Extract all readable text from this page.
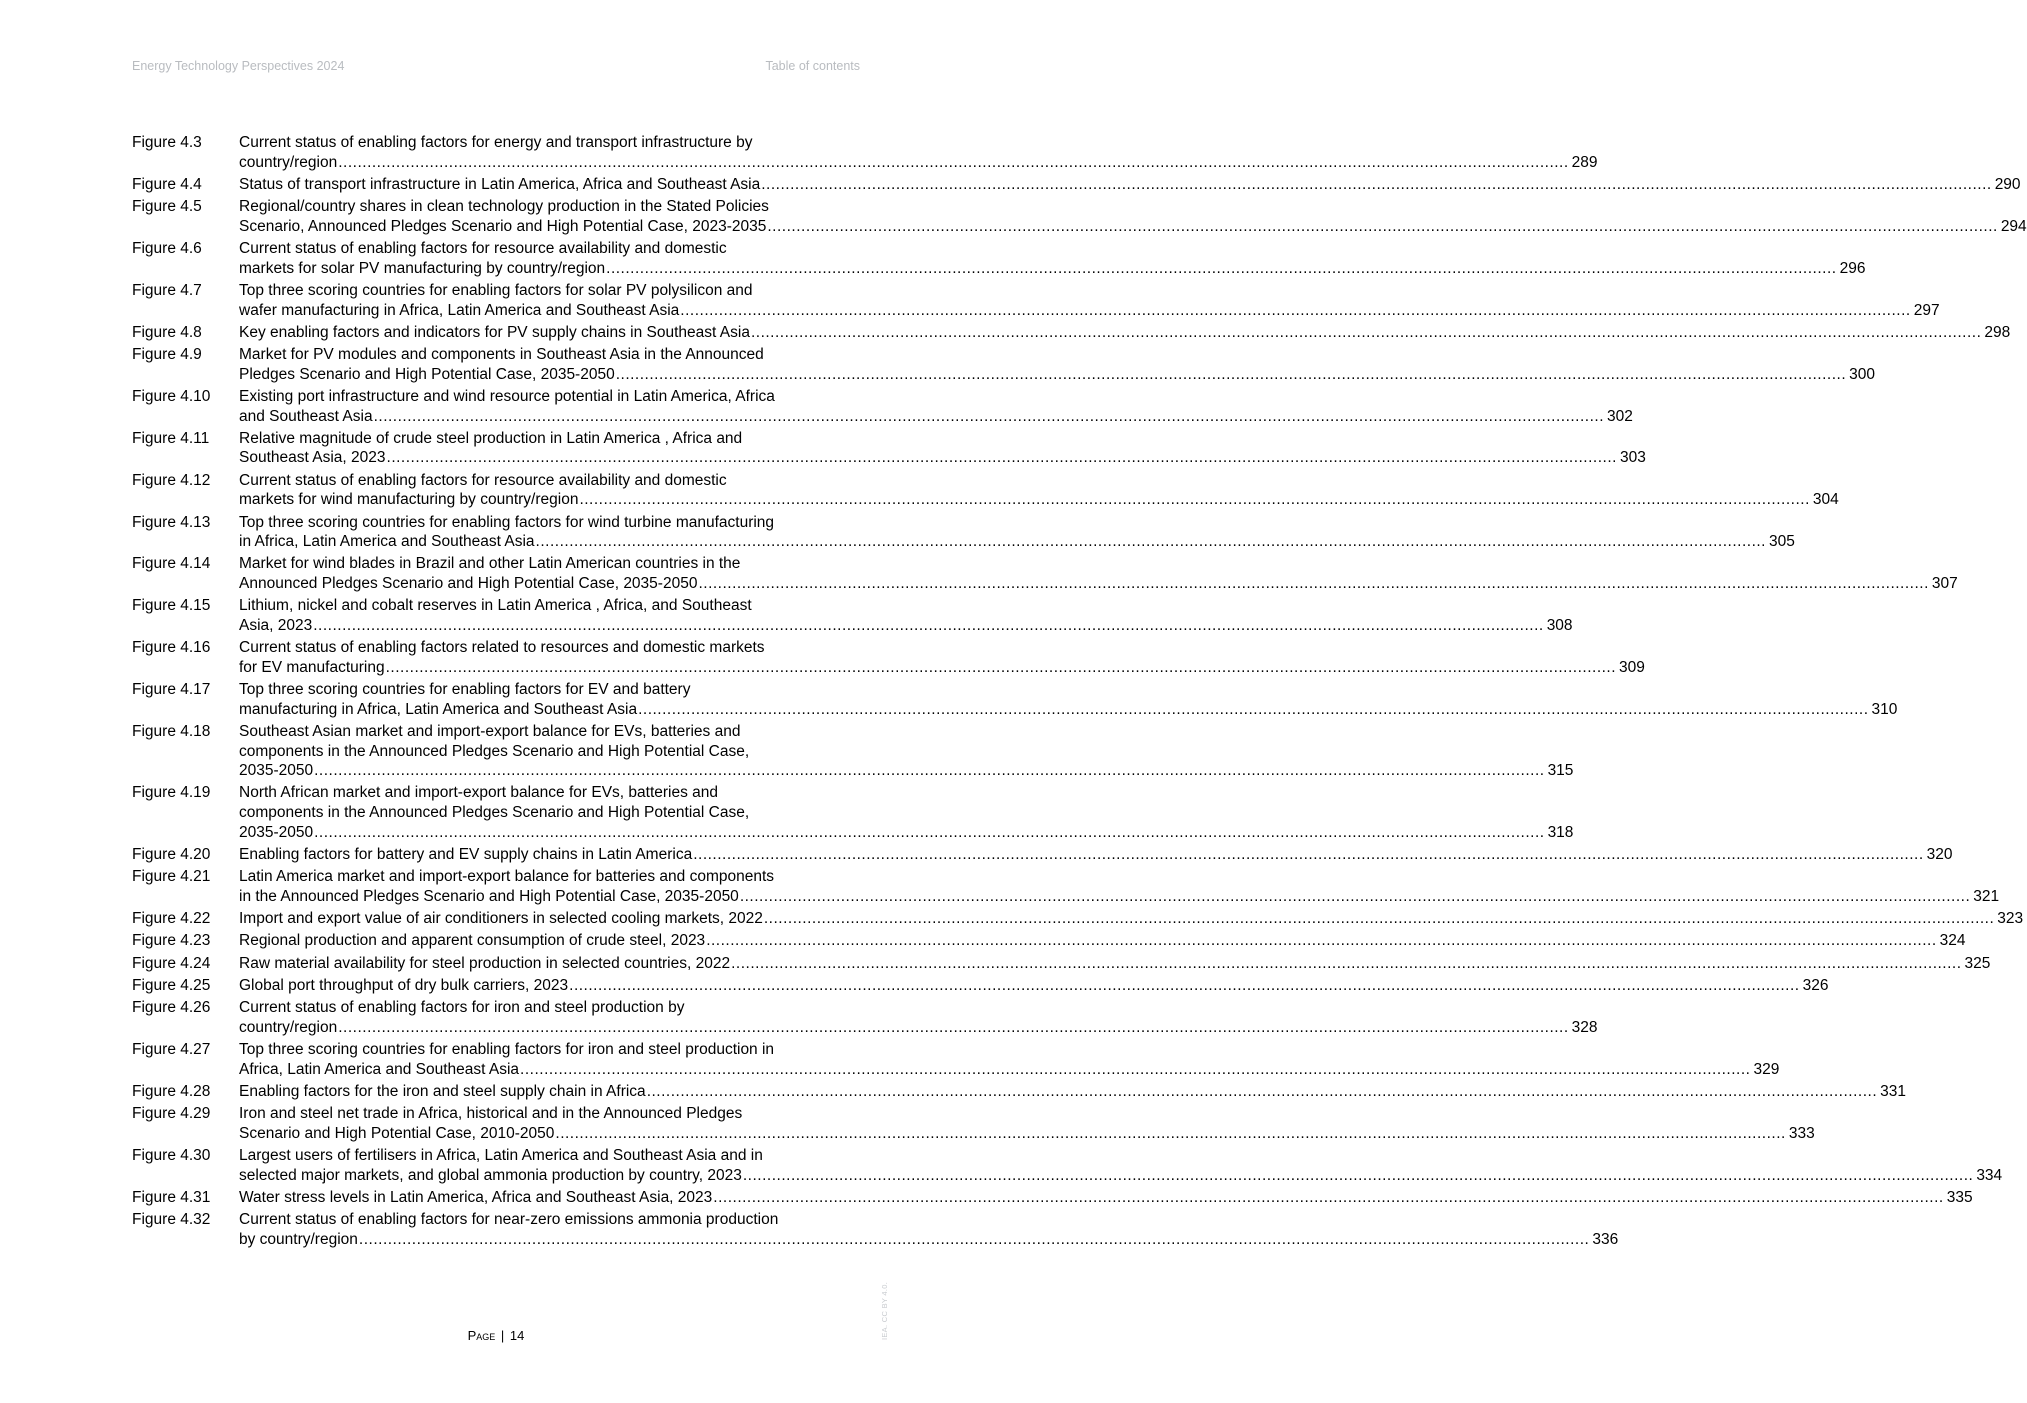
Energy Technology Perspectives 2024	Table of contents
Figure 4.3	Current status of enabling factors for energy and transport infrastructure by
country/region .....	289
Figure 4.4	Status of transport infrastructure in Latin America, Africa and Southeast Asia .....	290
Figure 4.5	Regional/country shares in clean technology production in the Stated Policies
Scenario, Announced Pledges Scenario and High Potential Case, 2023-2035 .....	294
Figure 4.6	Current status of enabling factors for resource availability and domestic
markets for solar PV manufacturing by country/region .....	296
Figure 4.7	Top three scoring countries for enabling factors for solar PV polysilicon and
wafer manufacturing in Africa, Latin America and Southeast Asia .....	297
Figure 4.8	Key enabling factors and indicators for PV supply chains in Southeast Asia .....	298
Figure 4.9	Market for PV modules and components in Southeast Asia in the Announced
Pledges Scenario and High Potential Case, 2035-2050 .....	300
Figure 4.10	Existing port infrastructure and wind resource potential in Latin America, Africa
and Southeast Asia .....	302
Figure 4.11	Relative magnitude of crude steel production in Latin America , Africa and
Southeast Asia, 2023 .....	303
Figure 4.12	Current status of enabling factors for resource availability and domestic
markets for wind manufacturing by country/region .....	304
Figure 4.13	Top three scoring countries for enabling factors for wind turbine manufacturing
in Africa, Latin America and Southeast Asia .....	305
Figure 4.14	Market for wind blades in Brazil and other Latin American countries in the
Announced Pledges Scenario and High Potential Case, 2035-2050 .....	307
Figure 4.15	Lithium, nickel and cobalt reserves in Latin America , Africa, and Southeast
Asia, 2023 .....	308
Figure 4.16	Current status of enabling factors related to resources and domestic markets
for EV manufacturing .....	309
Figure 4.17	Top three scoring countries for enabling factors for EV and battery
manufacturing in Africa, Latin America and Southeast Asia .....	310
Figure 4.18	Southeast Asian market and import-export balance for EVs, batteries and
components in the Announced Pledges Scenario and High Potential Case,
2035-2050 .....	315
Figure 4.19	North African market and import-export balance for EVs, batteries and
components in the Announced Pledges Scenario and High Potential Case,
2035-2050 .....	318
Figure 4.20	Enabling factors for battery and EV supply chains in Latin America .....	320
Figure 4.21	Latin America market and import-export balance for batteries and components
in the Announced Pledges Scenario and High Potential Case, 2035-2050 .....	321
Figure 4.22	Import and export value of air conditioners in selected cooling markets, 2022 .....	323
Figure 4.23	Regional production and apparent consumption of crude steel, 2023 .....	324
Figure 4.24	Raw material availability for steel production in selected countries, 2022 .....	325
Figure 4.25	Global port throughput of dry bulk carriers, 2023 .....	326
Figure 4.26	Current status of enabling factors for iron and steel production by
country/region .....	328
Figure 4.27	Top three scoring countries for enabling factors for iron and steel production in
Africa, Latin America and Southeast Asia .....	329
Figure 4.28	Enabling factors for the iron and steel supply chain in Africa .....	331
Figure 4.29	Iron and steel net trade in Africa, historical and in the Announced Pledges
Scenario and High Potential Case, 2010-2050 .....	333
Figure 4.30	Largest users of fertilisers in Africa, Latin America and Southeast Asia and in
selected major markets, and global ammonia production by country, 2023 .....	334
Figure 4.31	Water stress levels in Latin America, Africa and Southeast Asia, 2023 .....	335
Figure 4.32	Current status of enabling factors for near-zero emissions ammonia production
by country/region .....	336
Page | 14	IEA. CC BY 4.0.
